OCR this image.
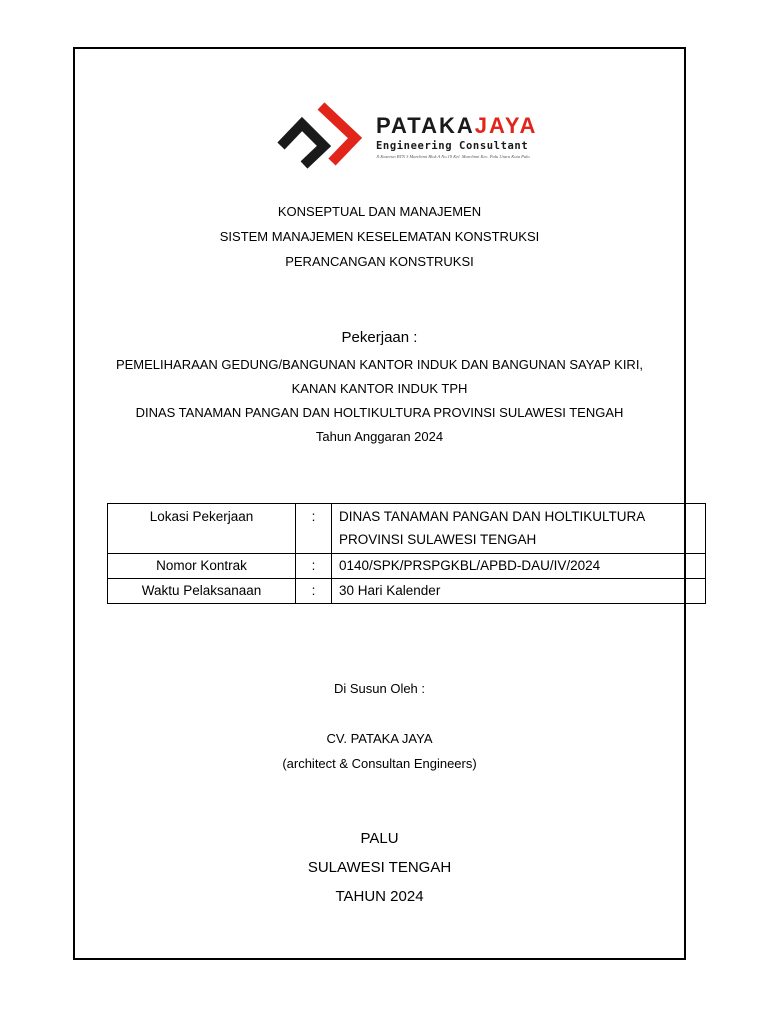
PATAKAJAYA
Engineering Consultant
Jl.Kaserun BTN 3 Marchimi Blok A No.19 Kel. Marchimi Kec. Palu Utara Kota Palu
KONSEPTUAL DAN MANAJEMEN
SISTEM MANAJEMEN KESELEMATAN KONSTRUKSI
PERANCANGAN KONSTRUKSI
Pekerjaan :
PEMELIHARAAN GEDUNG/BANGUNAN KANTOR INDUK DAN BANGUNAN SAYAP KIRI,
KANAN KANTOR INDUK TPH
DINAS TANAMAN PANGAN DAN HOLTIKULTURA PROVINSI SULAWESI TENGAH
Tahun Anggaran 2024
Lokasi Pekerjaan	:	DINAS TANAMAN PANGAN DAN HOLTIKULTURA
PROVINSI SULAWESI TENGAH

Nomor Kontrak	:	0140/SPK/PRSPGKBL/APBD-DAU/IV/2024
Waktu Pelaksanaan	:	30 Hari Kalender
Di Susun Oleh :
CV. PATAKA JAYA
(architect & Consultan Engineers)
PALU
SULAWESI TENGAH
TAHUN 2024
